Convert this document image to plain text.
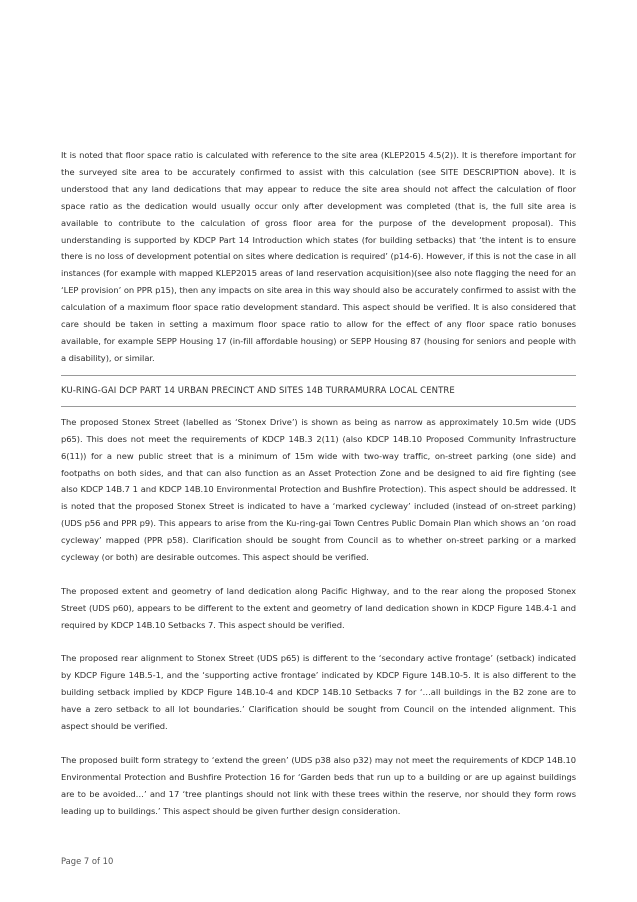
It is noted that floor space ratio is calculated with reference to the site area (KLEP2015 4.5(2)). It is therefore important for the surveyed site area to be accurately confirmed to assist with this calculation (see SITE DESCRIPTION above). It is understood that any land dedications that may appear to reduce the site area should not affect the calculation of floor space ratio as the dedication would usually occur only after development was completed (that is, the full site area is available to contribute to the calculation of gross floor area for the purpose of the development proposal). This understanding is supported by KDCP Part 14 Introduction which states (for building setbacks) that ‘the intent is to ensure there is no loss of development potential on sites where dedication is required’ (p14-6). However, if this is not the case in all instances (for example with mapped KLEP2015 areas of land reservation acquisition)(see also note flagging the need for an ‘LEP provision’ on PPR p15), then any impacts on site area in this way should also be accurately confirmed to assist with the calculation of a maximum floor space ratio development standard. This aspect should be verified. It is also considered that care should be taken in setting a maximum floor space ratio to allow for the effect of any floor space ratio bonuses available, for example SEPP Housing 17 (in-fill affordable housing) or SEPP Housing 87 (housing for seniors and people with a disability), or similar.

KU-RING-GAI DCP PART 14 URBAN PRECINCT AND SITES 14B TURRAMURRA LOCAL CENTRE

The proposed Stonex Street (labelled as ‘Stonex Drive’) is shown as being as narrow as approximately 10.5m wide (UDS p65). This does not meet the requirements of KDCP 14B.3 2(11) (also KDCP 14B.10 Proposed Community Infrastructure 6(11)) for a new public street that is a minimum of 15m wide with two-way traffic, on-street parking (one side) and footpaths on both sides, and that can also function as an Asset Protection Zone and be designed to aid fire fighting (see also KDCP 14B.7 1 and KDCP 14B.10 Environmental Protection and Bushfire Protection). This aspect should be addressed. It is noted that the proposed Stonex Street is indicated to have a ‘marked cycleway’ included (instead of on-street parking)(UDS p56 and PPR p9). This appears to arise from the Ku-ring-gai Town Centres Public Domain Plan which shows an ‘on road cycleway’ mapped (PPR p58). Clarification should be sought from Council as to whether on-street parking or a marked cycleway (or both) are desirable outcomes. This aspect should be verified.

The proposed extent and geometry of land dedication along Pacific Highway, and to the rear along the proposed Stonex Street (UDS p60), appears to be different to the extent and geometry of land dedication shown in KDCP Figure 14B.4-1 and required by KDCP 14B.10 Setbacks 7. This aspect should be verified.

The proposed rear alignment to Stonex Street (UDS p65) is different to the ‘secondary active frontage’ (setback) indicated by KDCP Figure 14B.5-1, and the ‘supporting active frontage’ indicated by KDCP Figure 14B.10-5. It is also different to the building setback implied by KDCP Figure 14B.10-4 and KDCP 14B.10 Setbacks 7 for ‘…all buildings in the B2 zone are to have a zero setback to all lot boundaries.’ Clarification should be sought from Council on the intended alignment. This aspect should be verified.

The proposed built form strategy to ‘extend the green’ (UDS p38 also p32) may not meet the requirements of KDCP 14B.10 Environmental Protection and Bushfire Protection 16 for ‘Garden beds that run up to a building or are up against buildings are to be avoided…’ and 17 ‘tree plantings should not link with these trees within the reserve, nor should they form rows leading up to buildings.’ This aspect should be given further design consideration.

Page 7 of 10
